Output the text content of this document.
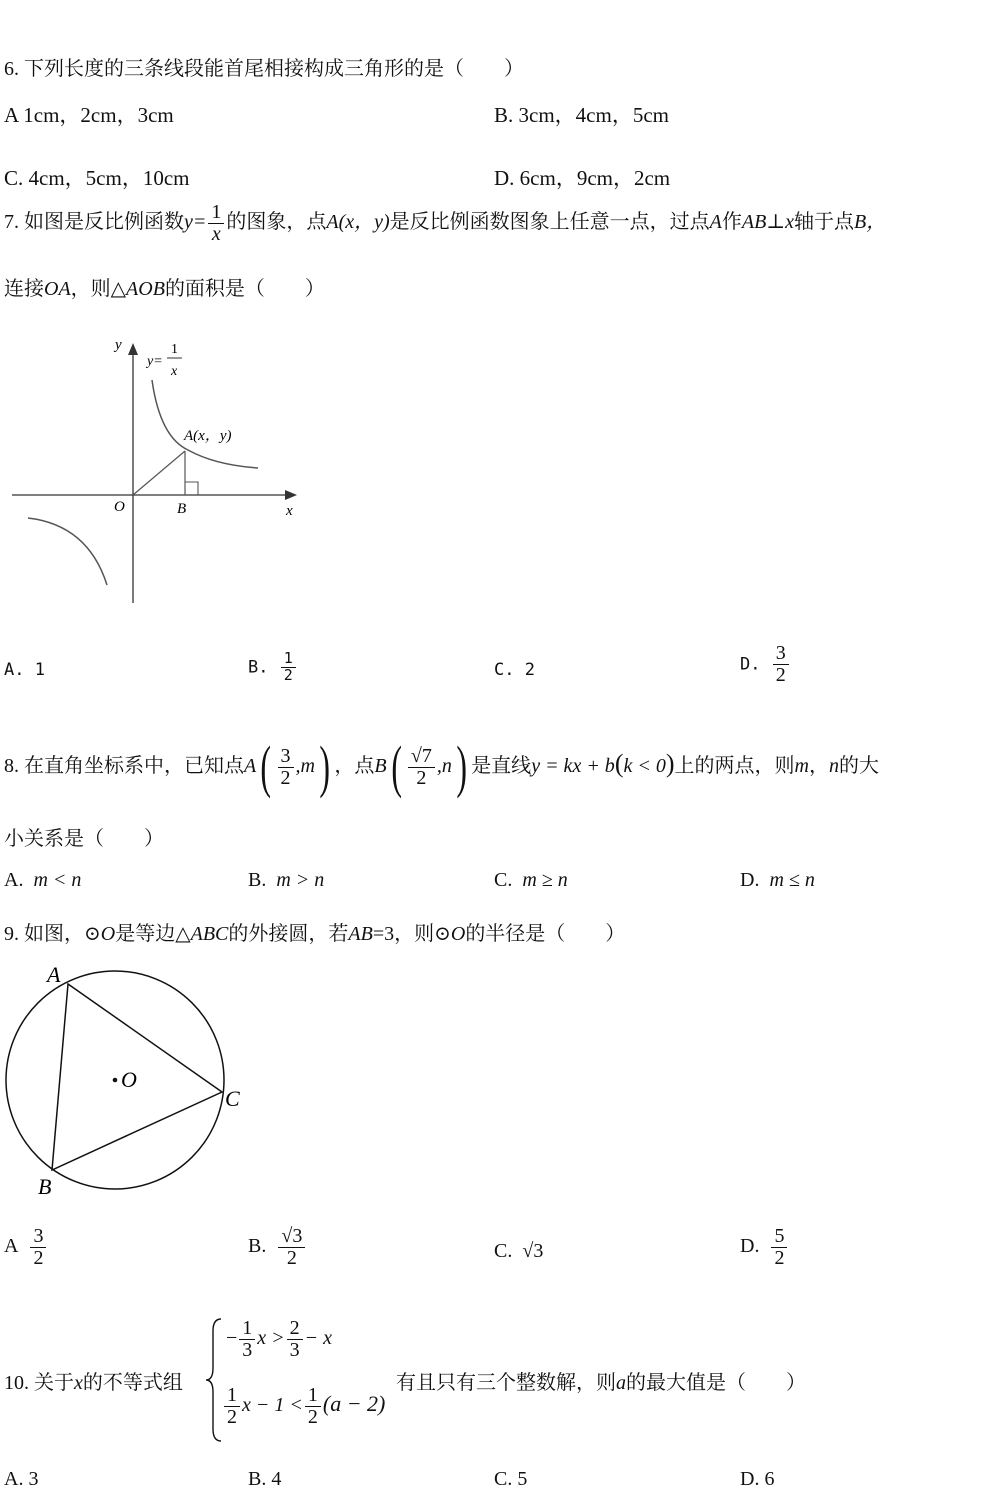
6. 下列长度的三条线段能首尾相接构成三角形的是（　　）
A 1cm，2cm，3cm	B. 3cm，4cm，5cm
C. 4cm，5cm，10cm	D. 6cm，9cm，2cm
7. 如图是反比例函数$y= \frac{1}{x}$ 的图象，点A(x，y)是反比例函数图象上任意一点，过点A作AB⊥x轴于点B，
连接OA，则△AOB的面积是（　　）
y
x
O	B
A(x，y)
y=
1
x
A. 1	B. $\frac{1}{2}$	C. 2	D. $\frac{3}{2}$
8. 在直角坐标系中，已知点$A( \frac{3}{2} ,m)$ ，点$B( \frac{√7}{2} ,n)$ 是直线y = kx + b(k < 0)上的两点，则m，n的大
小关系是（　　）
A. m < n	B. m > n	C. m ≥ n	D. m ≤ n
9. 如图，⊙O是等边△ABC的外接圆，若AB=3，则⊙O的半径是（　　）
A
B
C
O
A $\frac{3}{2}$	B. $\frac{√3}{2}$	C. √3	D. $\frac{5}{2}$
10. 关于x的不等式组
− $\frac{1}{3}$ $x > \frac{2}{3} - x$
$\frac{1}{2}$ $x - 1 < \frac{1}{2} (a - 2)$
有且只有三个整数解，则a的最大值是（　　）
A. 3	B. 4	C. 5	D. 6
